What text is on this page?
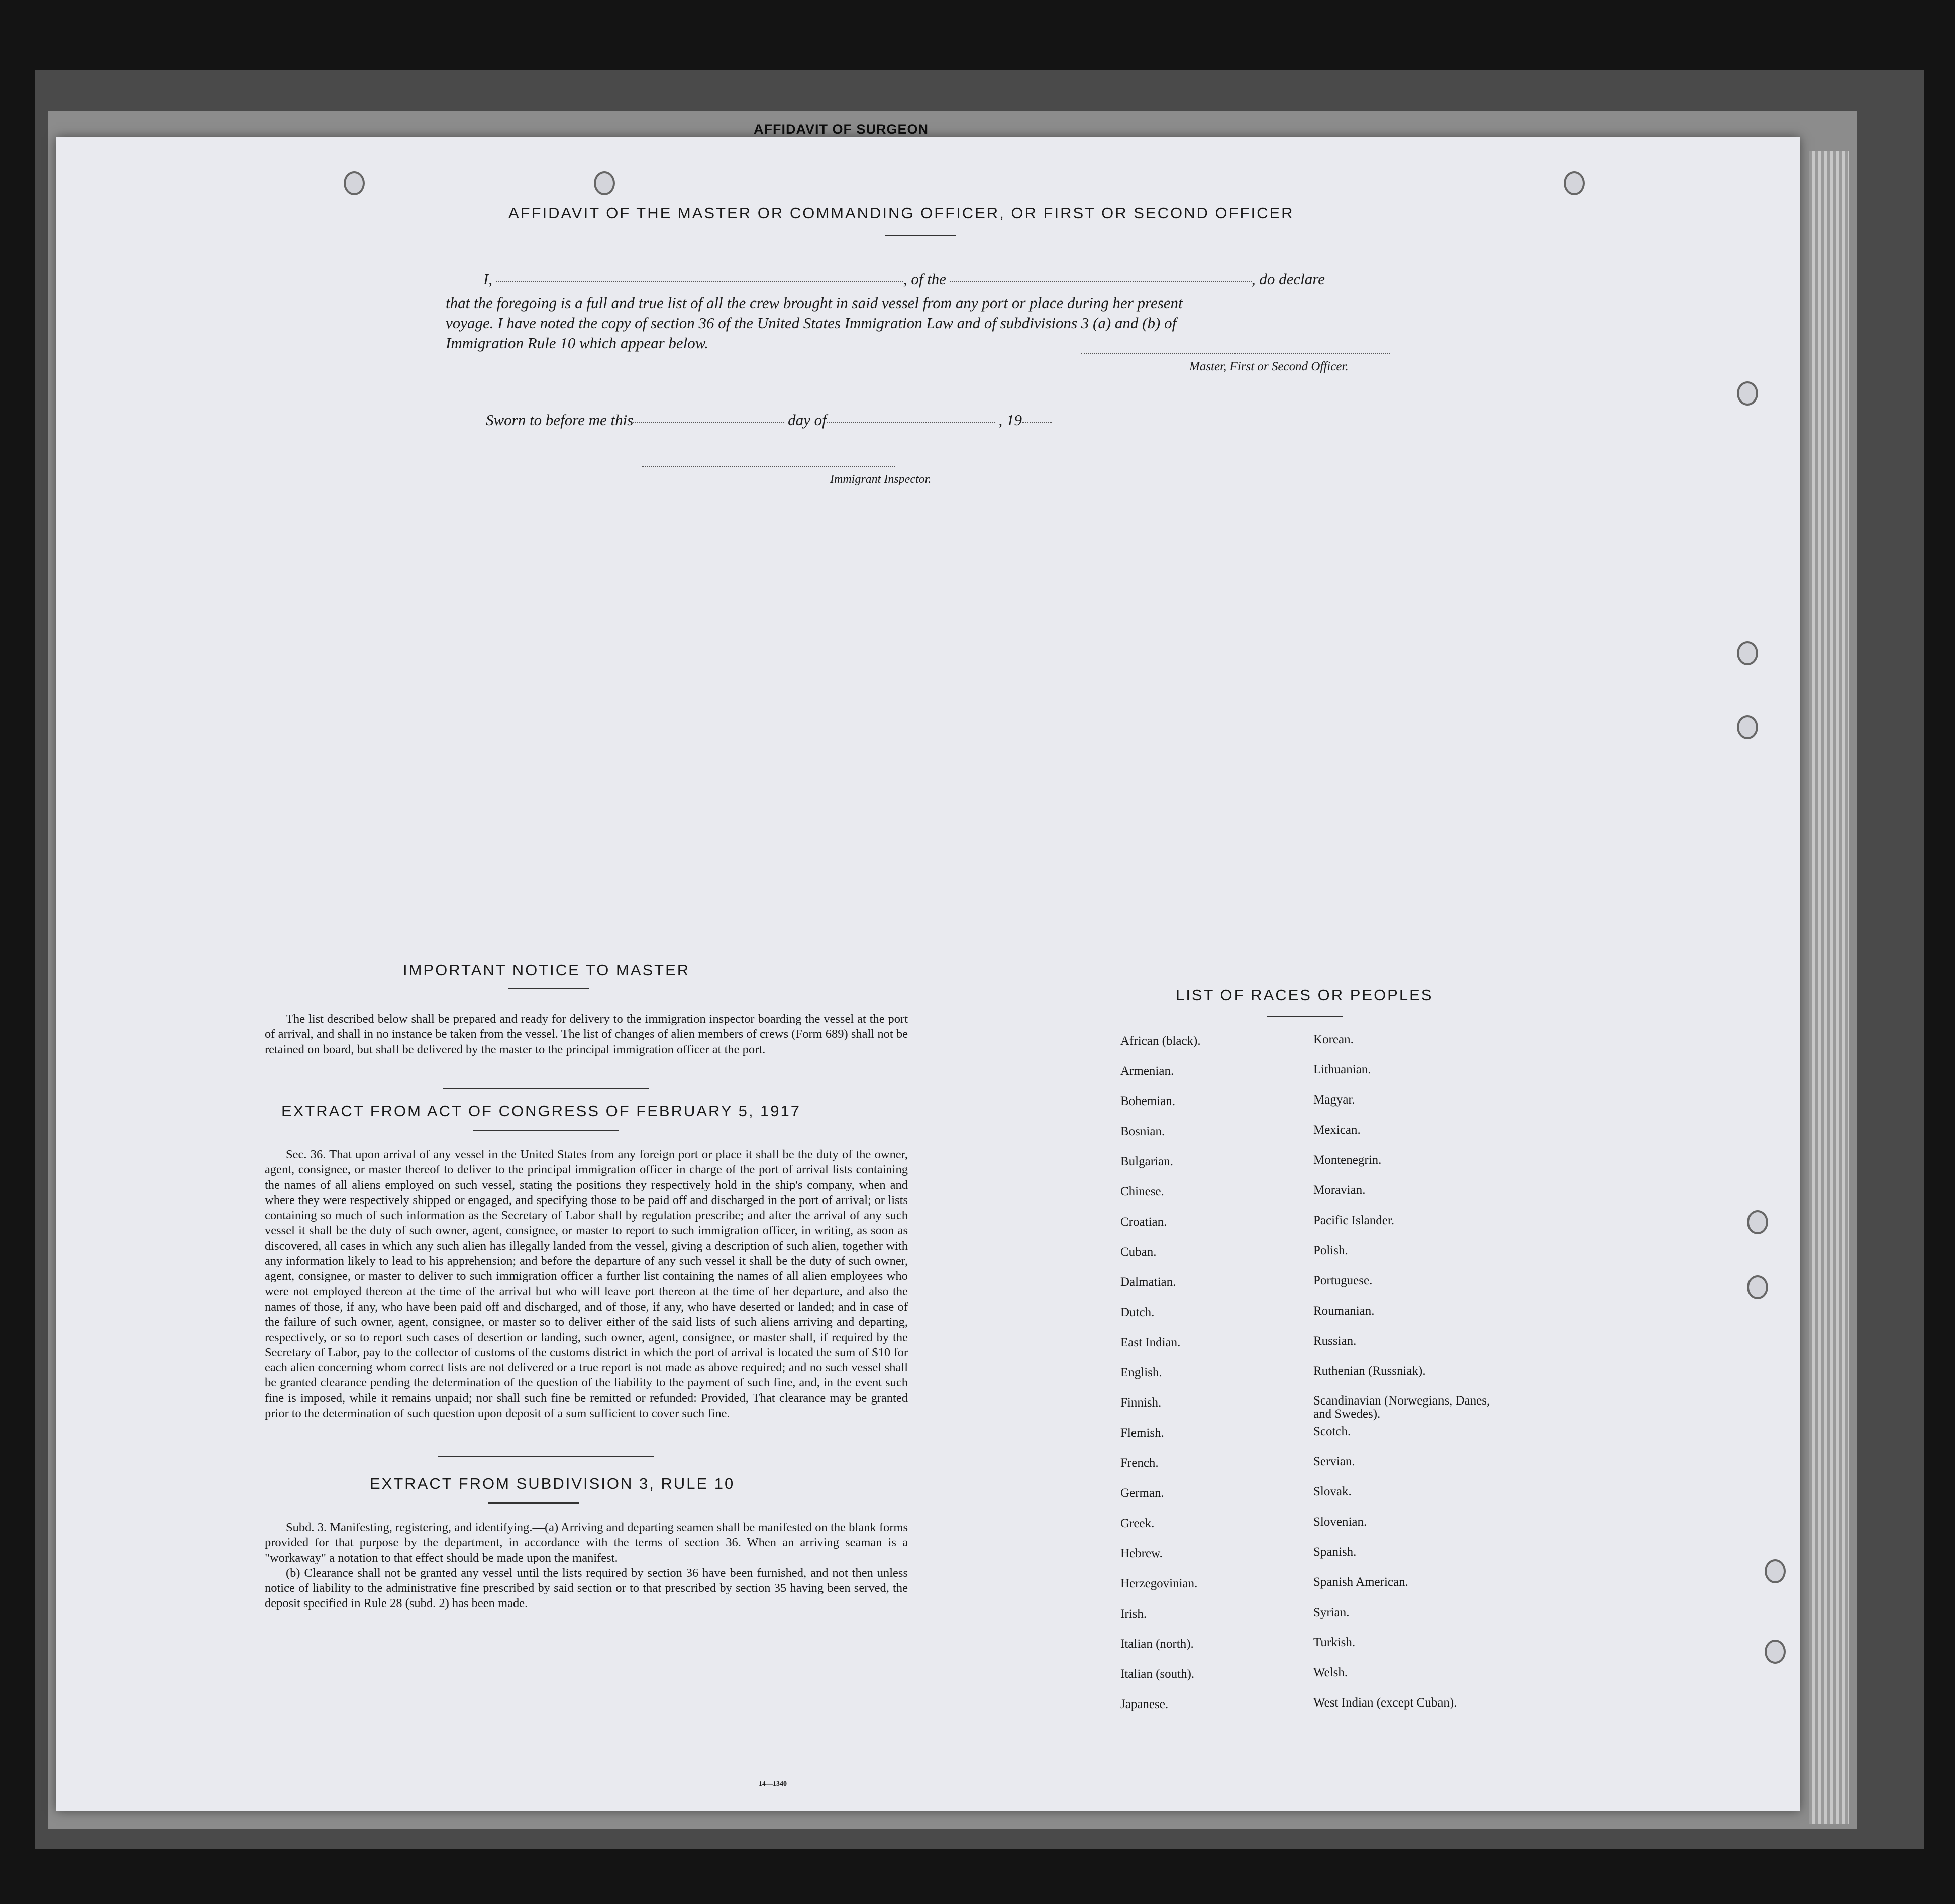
AFFIDAVIT OF SURGEON
AFFIDAVIT OF THE MASTER OR COMMANDING OFFICER, OR FIRST OR SECOND OFFICER
I,	, of the	, do declare
that the foregoing is a full and true list of all the crew brought in said vessel from any port or place during her present
voyage. I have noted the copy of section 36 of the United States Immigration Law and of subdivisions 3 (a) and (b) of
Immigration Rule 10 which appear below.
Master, First or Second Officer.
Sworn to before me this	day of	, 19
Immigrant Inspector.
IMPORTANT NOTICE TO MASTER

The list described below shall be prepared and ready for delivery to the immigration inspector boarding the vessel at the port of arrival, and shall in no instance be taken from the vessel. The list of changes of alien members of crews (Form 689) shall not be retained on board, but shall be delivered by the master to the principal immigration officer at the port.

EXTRACT FROM ACT OF CONGRESS OF FEBRUARY 5, 1917

Sec. 36. That upon arrival of any vessel in the United States from any foreign port or place it shall be the duty of the owner, agent, consignee, or master thereof to deliver to the principal immigration officer in charge of the port of arrival lists containing the names of all aliens employed on such vessel, stating the positions they respectively hold in the ship's company, when and where they were respectively shipped or engaged, and specifying those to be paid off and discharged in the port of arrival; or lists containing so much of such information as the Secretary of Labor shall by regulation prescribe; and after the arrival of any such vessel it shall be the duty of such owner, agent, consignee, or master to report to such immigration officer, in writing, as soon as discovered, all cases in which any such alien has illegally landed from the vessel, giving a description of such alien, together with any information likely to lead to his apprehension; and before the departure of any such vessel it shall be the duty of such owner, agent, consignee, or master to deliver to such immigration officer a further list containing the names of all alien employees who were not employed thereon at the time of the arrival but who will leave port thereon at the time of her departure, and also the names of those, if any, who have been paid off and discharged, and of those, if any, who have deserted or landed; and in case of the failure of such owner, agent, consignee, or master so to deliver either of the said lists of such aliens arriving and departing, respectively, or so to report such cases of desertion or landing, such owner, agent, consignee, or master shall, if required by the Secretary of Labor, pay to the collector of customs of the customs district in which the port of arrival is located the sum of $10 for each alien concerning whom correct lists are not delivered or a true report is not made as above required; and no such vessel shall be granted clearance pending the determination of the question of the liability to the payment of such fine, and, in the event such fine is imposed, while it remains unpaid; nor shall such fine be remitted or refunded: Provided, That clearance may be granted prior to the determination of such question upon deposit of a sum sufficient to cover such fine.

EXTRACT FROM SUBDIVISION 3, RULE 10

Subd. 3. Manifesting, registering, and identifying.—(a) Arriving and departing seamen shall be manifested on the blank forms provided for that purpose by the department, in accordance with the terms of section 36. When an arriving seaman is a "workaway" a notation to that effect should be made upon the manifest.

(b) Clearance shall not be granted any vessel until the lists required by section 36 have been furnished, and not then unless notice of liability to the administrative fine prescribed by said section or to that prescribed by section 35 having been served, the deposit specified in Rule 28 (subd. 2) has been made.

14—1340
LIST OF RACES OR PEOPLES
African (black).
Armenian.
Bohemian.
Bosnian.
Bulgarian.
Chinese.
Croatian.
Cuban.
Dalmatian.
Dutch.
East Indian.
English.
Finnish.
Flemish.
French.
German.
Greek.
Hebrew.
Herzegovinian.
Irish.
Italian (north).
Italian (south).
Japanese.
Korean.
Lithuanian.
Magyar.
Mexican.
Montenegrin.
Moravian.
Pacific Islander.
Polish.
Portuguese.
Roumanian.
Russian.
Ruthenian (Russniak).
Scandinavian (Norwegians, Danes, and Swedes).
Scotch.
Servian.
Slovak.
Slovenian.
Spanish.
Spanish American.
Syrian.
Turkish.
Welsh.
West Indian (except Cuban).
